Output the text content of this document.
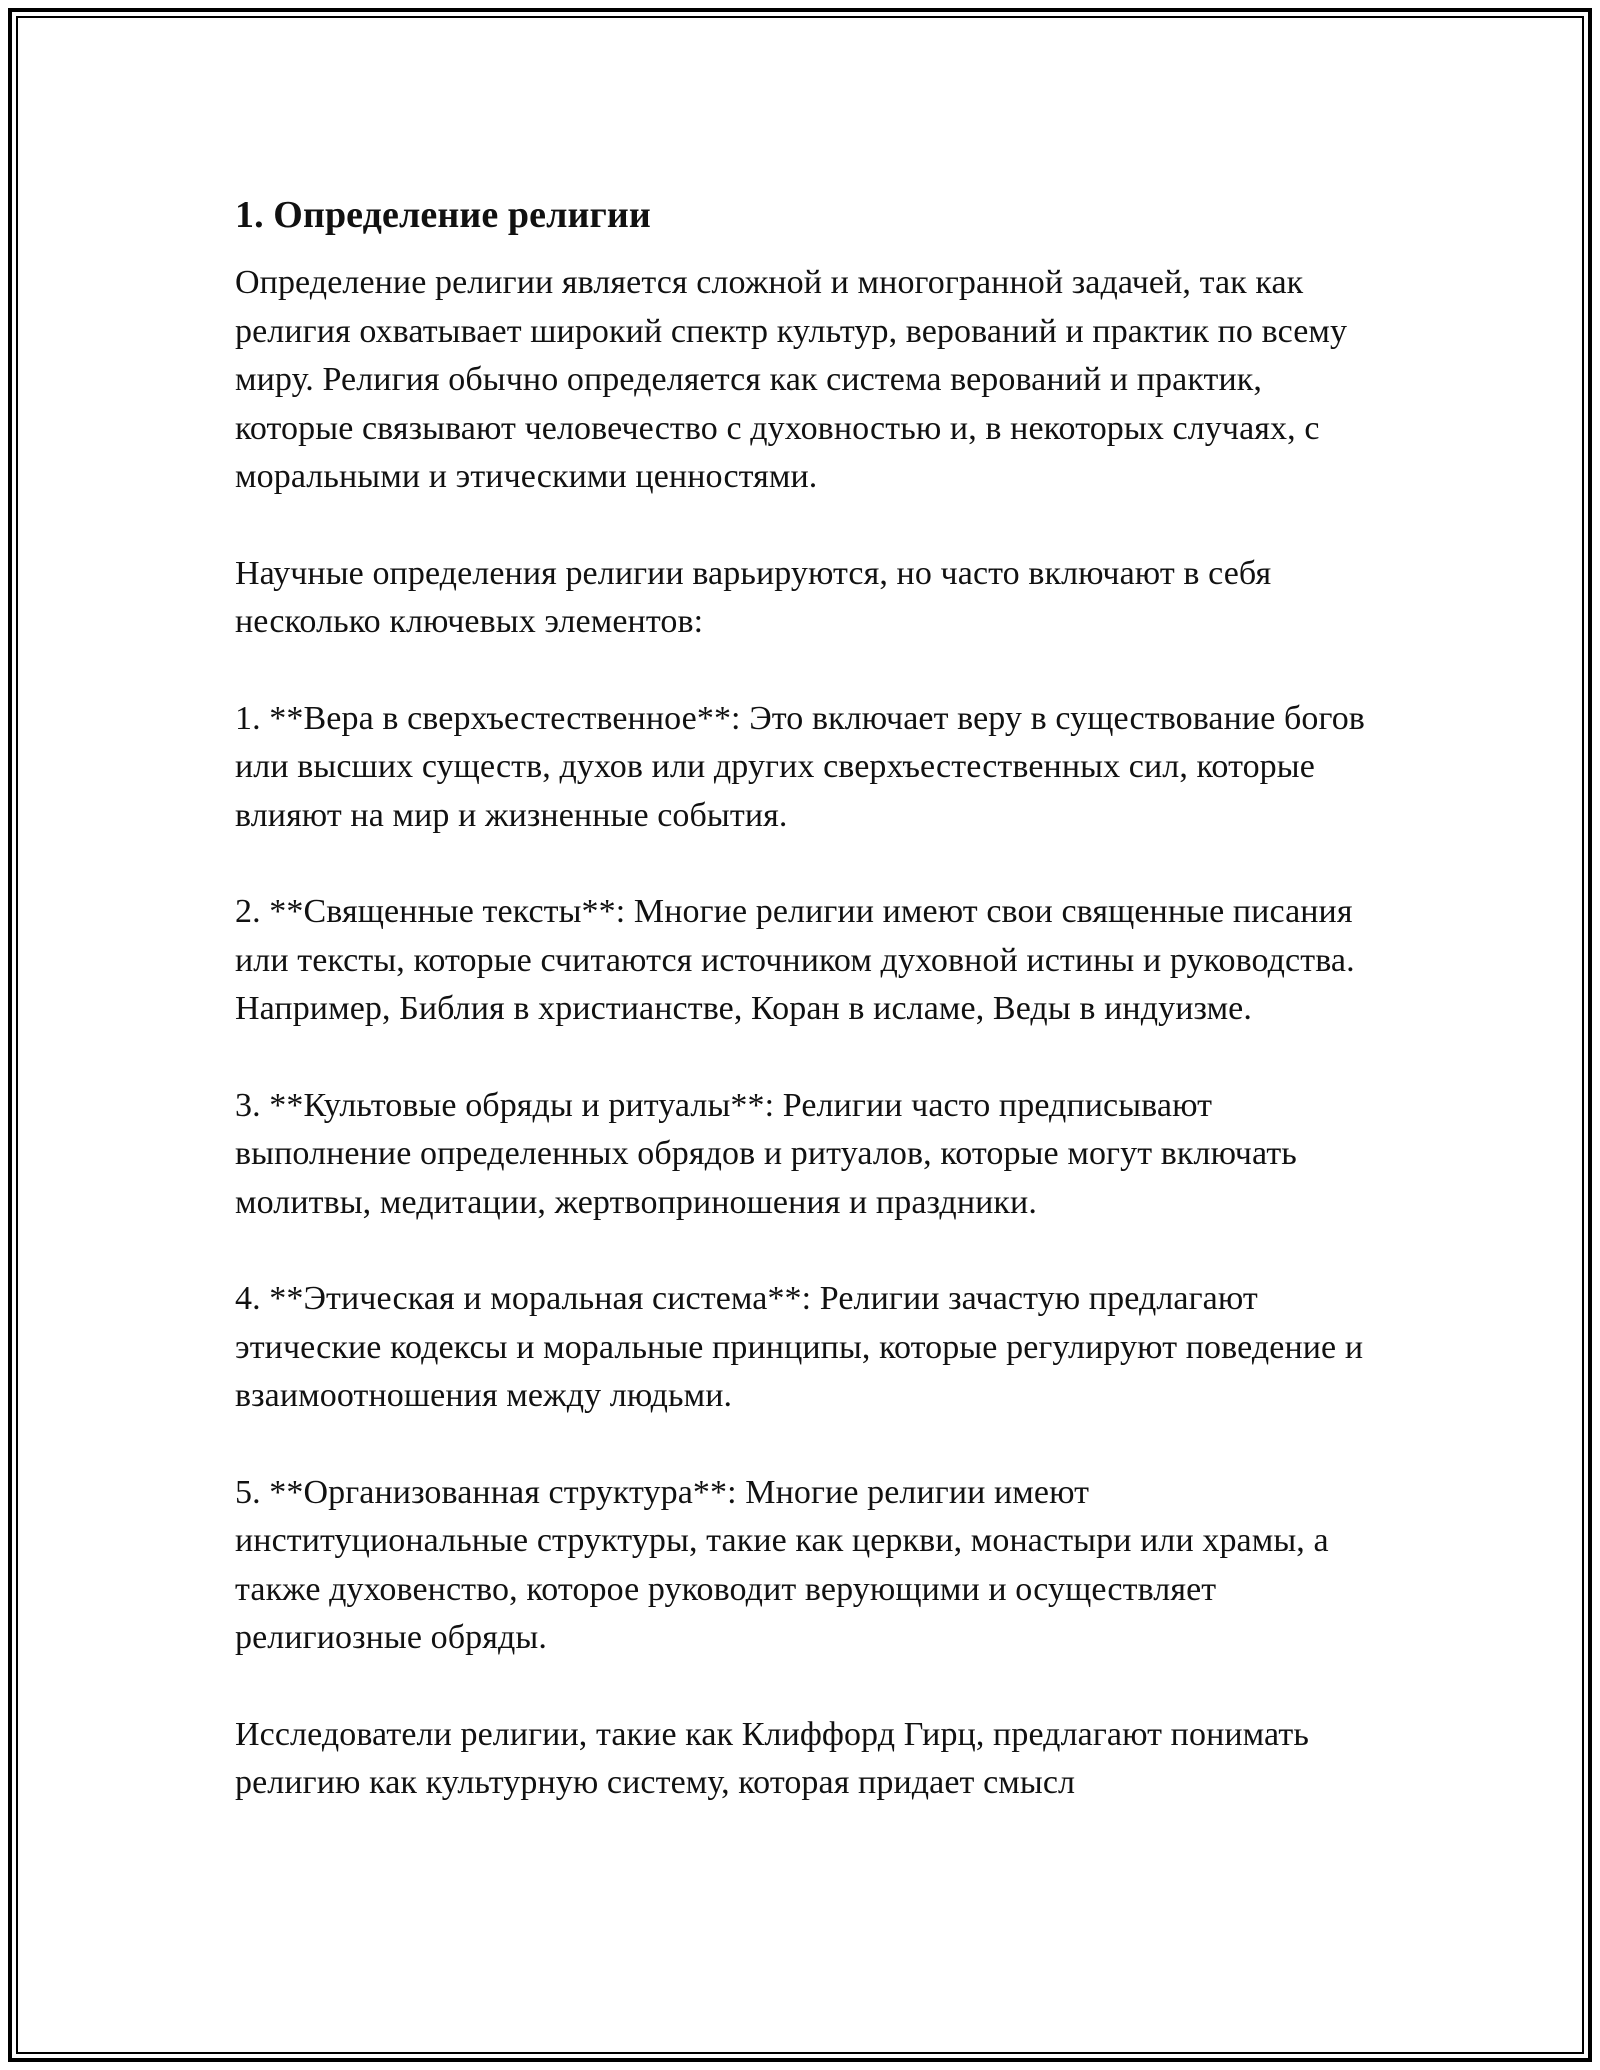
1. Определение религии

Определение религии является сложной и многогранной задачей, так как религия охватывает широкий спектр культур, верований и практик по всему миру. Религия обычно определяется как система верований и практик, которые связывают человечество с духовностью и, в некоторых случаях, с моральными и этическими ценностями.

Научные определения религии варьируются, но часто включают в себя несколько ключевых элементов:

1. **Вера в сверхъестественное**: Это включает веру в существование богов или высших существ, духов или других сверхъестественных сил, которые влияют на мир и жизненные события.

2. **Священные тексты**: Многие религии имеют свои священные писания или тексты, которые считаются источником духовной истины и руководства. Например, Библия в христианстве, Коран в исламе, Веды в индуизме.

3. **Культовые обряды и ритуалы**: Религии часто предписывают выполнение определенных обрядов и ритуалов, которые могут включать молитвы, медитации, жертвоприношения и праздники.

4. **Этическая и моральная система**: Религии зачастую предлагают этические кодексы и моральные принципы, которые регулируют поведение и взаимоотношения между людьми.

5. **Организованная структура**: Многие религии имеют институциональные структуры, такие как церкви, монастыри или храмы, а также духовенство, которое руководит верующими и осуществляет религиозные обряды.

Исследователи религии, такие как Клиффорд Гирц, предлагают понимать религию как культурную систему, которая придает смысл
